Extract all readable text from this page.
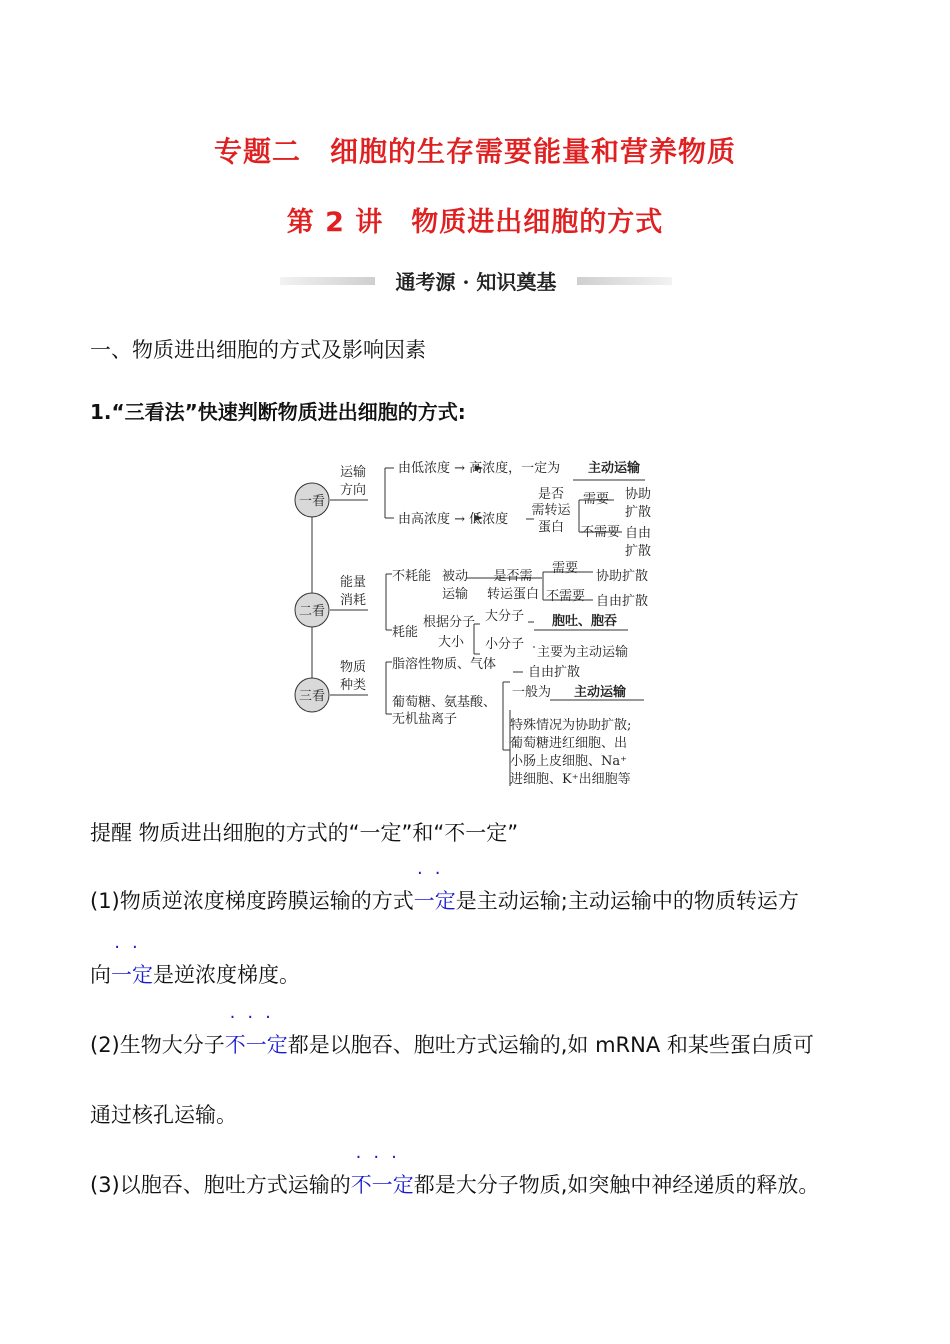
专题二　细胞的生存需要能量和营养物质
第 2 讲　物质进出细胞的方式
通考源 · 知识奠基
一、物质进出细胞的方式及影响因素
1.“三看法”快速判断物质进出细胞的方式:
一看
二看
三看
运输
方向
由低浓度 → 高浓度，一定为 主动运输
由高浓度 → 低浓度
是否
需转运
蛋白
需要
不需要
协助
扩散
自由
扩散
能量
消耗
不耗能 被动
运输
是否需
转运蛋白
需要
不需要
协助扩散
自由扩散
耗能
根据分子
大小
大分子 胞吐、胞吞
小分子
主要为主动运输
物质
种类
脂溶性物质、气体
自由扩散
葡萄糖、氨基酸、
无机盐离子
一般为 主动运输
特殊情况为协助扩散;
葡萄糖进红细胞、出
小肠上皮细胞、Na⁺
进细胞、K⁺出细胞等
提醒 物质进出细胞的方式的“一定”和“不一定”
(1)物质逆浓度梯度跨膜运输的方式
··
一定是主动运输;主动运输中的物质转运方
向
··
一定是逆浓度梯度。
(2)生物大分子
···
不一定都是以胞吞、胞吐方式运输的,如 mRNA 和某些蛋白质可
通过核孔运输。
(3)以胞吞、胞吐方式运输的
···
不一定都是大分子物质,如突触中神经递质的释放。
